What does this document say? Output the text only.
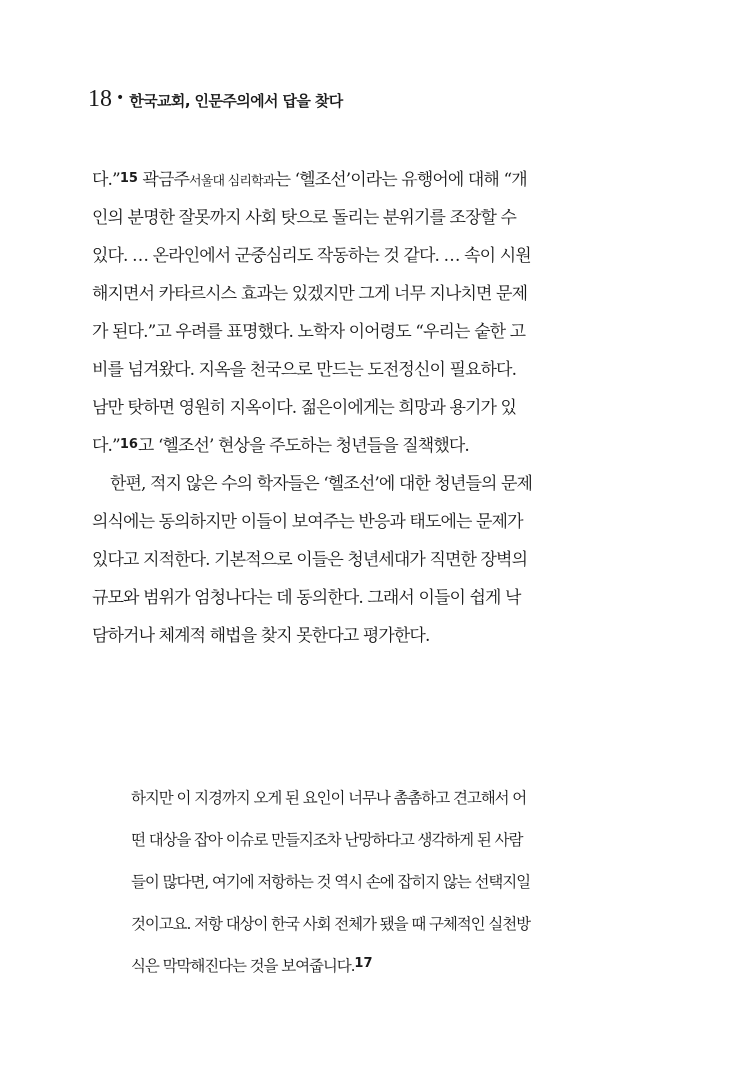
18 • 한국교회, 인문주의에서 답을 찾다
다.”15 곽금주서울대 심리학과는 ‘헬조선’이라는 유행어에 대해 “개
인의 분명한 잘못까지 사회 탓으로 돌리는 분위기를 조장할 수
있다. … 온라인에서 군중심리도 작동하는 것 같다. … 속이 시원
해지면서 카타르시스 효과는 있겠지만 그게 너무 지나치면 문제
가 된다.”고 우려를 표명했다. 노학자 이어령도 “우리는 숱한 고
비를 넘겨왔다. 지옥을 천국으로 만드는 도전정신이 필요하다.
남만 탓하면 영원히 지옥이다. 젊은이에게는 희망과 용기가 있
다.”16고 ‘헬조선’ 현상을 주도하는 청년들을 질책했다.
한편, 적지 않은 수의 학자들은 ‘헬조선’에 대한 청년들의 문제
의식에는 동의하지만 이들이 보여주는 반응과 태도에는 문제가
있다고 지적한다. 기본적으로 이들은 청년세대가 직면한 장벽의
규모와 범위가 엄청나다는 데 동의한다. 그래서 이들이 쉽게 낙
담하거나 체계적 해법을 찾지 못한다고 평가한다.
하지만 이 지경까지 오게 된 요인이 너무나 촘촘하고 견고해서 어
떤 대상을 잡아 이슈로 만들지조차 난망하다고 생각하게 된 사람
들이 많다면, 여기에 저항하는 것 역시 손에 잡히지 않는 선택지일
것이고요. 저항 대상이 한국 사회 전체가 됐을 때 구체적인 실천방
식은 막막해진다는 것을 보여줍니다.$^{17}$
